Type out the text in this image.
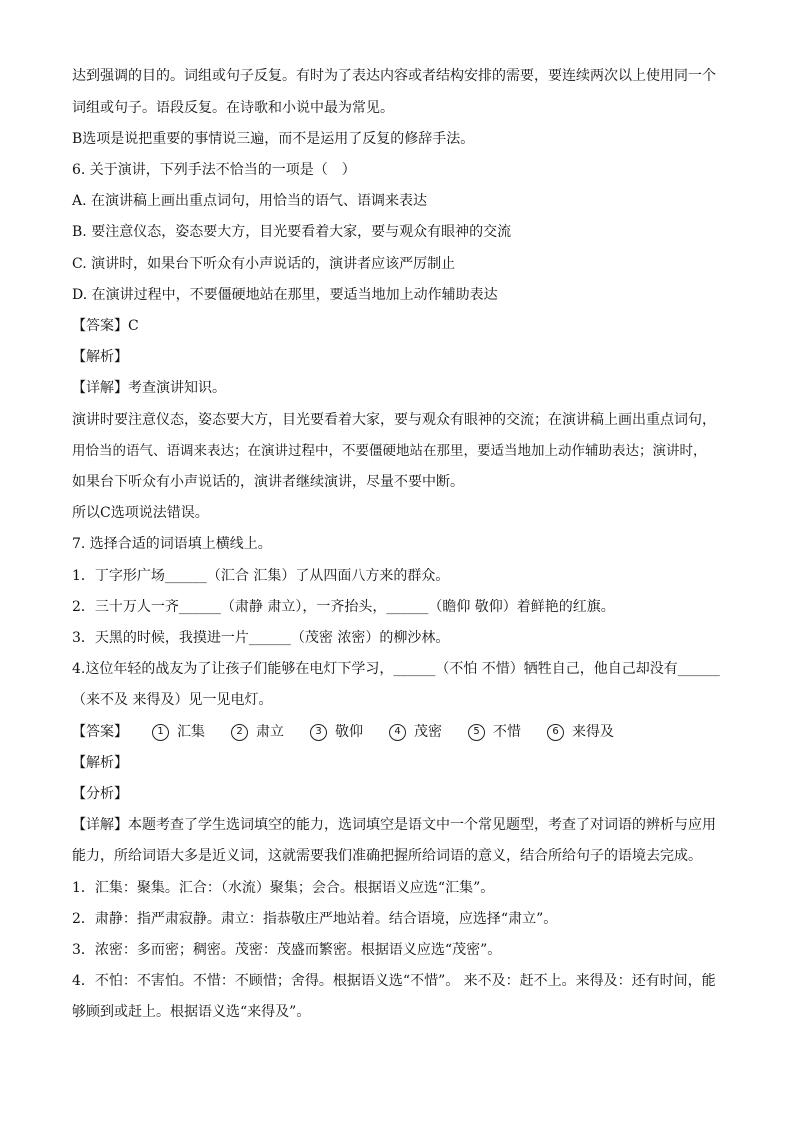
达到强调的目的。词组或句子反复。有时为了表达内容或者结构安排的需要，要连续两次以上使用同一个
词组或句子。语段反复。在诗歌和小说中最为常见。
B选项是说把重要的事情说三遍，而不是运用了反复的修辞手法。
6. 关于演讲，下列手法不恰当的一项是（　）
A. 在演讲稿上画出重点词句，用恰当的语气、语调来表达
B. 要注意仪态，姿态要大方，目光要看着大家，要与观众有眼神的交流
C. 演讲时，如果台下听众有小声说话的，演讲者应该严厉制止
D. 在演讲过程中，不要僵硬地站在那里，要适当地加上动作辅助表达
【答案】C
【解析】
【详解】考查演讲知识。
演讲时要注意仪态，姿态要大方，目光要看着大家，要与观众有眼神的交流；在演讲稿上画出重点词句，
用恰当的语气、语调来表达；在演讲过程中，不要僵硬地站在那里，要适当地加上动作辅助表达；演讲时，
如果台下听众有小声说话的，演讲者继续演讲，尽量不要中断。
所以C选项说法错误。
7. 选择合适的词语填上横线上。
1．丁字形广场______（汇合 汇集）了从四面八方来的群众。
2．三十万人一齐______（肃静 肃立），一齐抬头，______（瞻仰 敬仰）着鲜艳的红旗。
3．天黑的时候，我摸进一片______（茂密 浓密）的柳沙林。
4.这位年轻的战友为了让孩子们能够在电灯下学习，______（不怕 不惜）牺牲自己，他自己却没有______
（来不及 来得及）见一见电灯。
【答案】	1 汇集	2 肃立	3 敬仰	4 茂密	5 不惜	6 来得及
【解析】
【分析】
【详解】本题考查了学生选词填空的能力，选词填空是语文中一个常见题型，考查了对词语的辨析与应用
能力，所给词语大多是近义词，这就需要我们准确把握所给词语的意义，结合所给句子的语境去完成。
1．汇集：聚集。汇合：（水流）聚集；会合。根据语义应选“汇集”。
2．肃静：指严肃寂静。肃立：指恭敬庄严地站着。结合语境，应选择“肃立”。
3．浓密：多而密；稠密。茂密：茂盛而繁密。根据语义应选“茂密”。
4．不怕：不害怕。不惜：不顾惜；舍得。根据语义选“不惜”。 来不及：赶不上。来得及：还有时间，能
够顾到或赶上。根据语义选“来得及”。
